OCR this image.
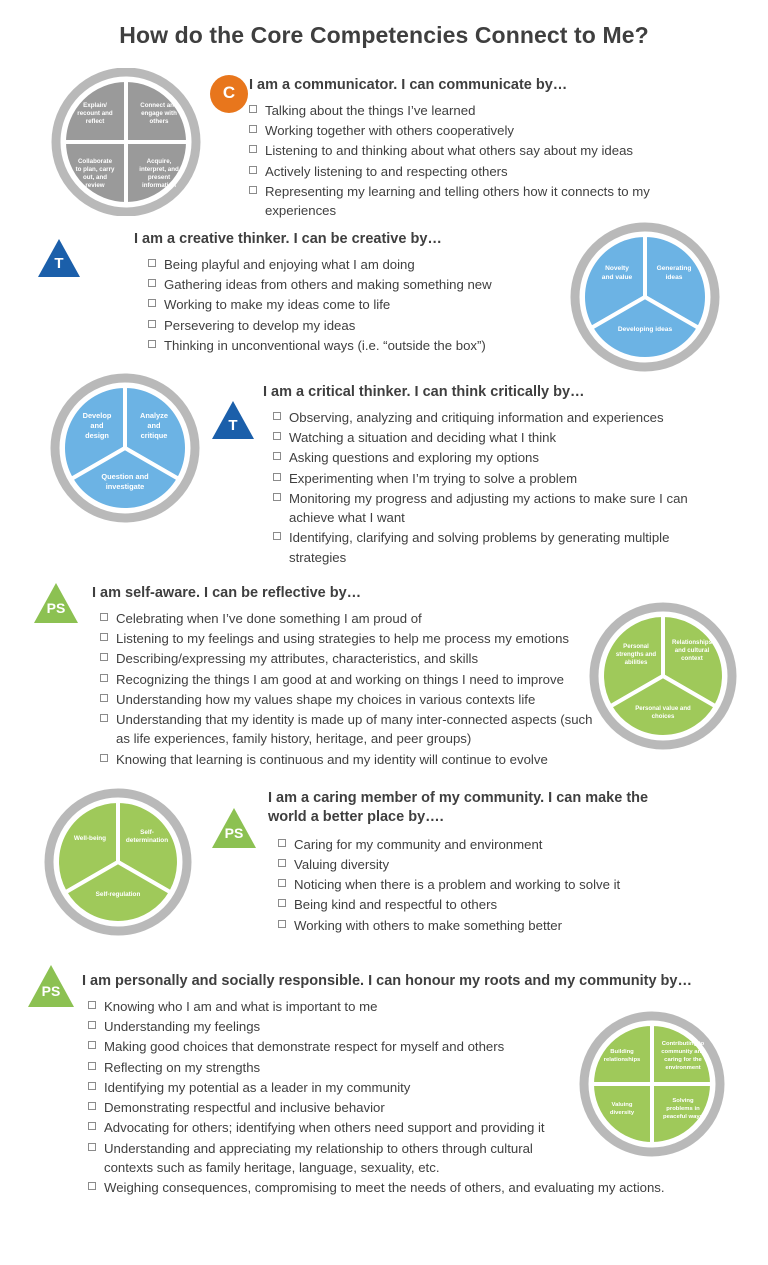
How do the Core Competencies Connect to Me?
Explain/
recount and
reflect
Connect and
engage with
others
Collaborate
to plan, carry
out, and
review
Acquire,
interpret, and
present
information
C I am a communicator. I can communicate by…

Talking about the things I’ve learned
Working together with others cooperatively
Listening to and thinking about what others say about my ideas
Actively listening to and respecting others
Representing my learning and telling others how it connects to my experiences
T

I am a creative thinker. I can be creative by…

Being playful and enjoying what I am doing
Gathering ideas from others and making something new
Working to make my ideas come to life
Persevering to develop my ideas
Thinking in unconventional ways (i.e. “outside the box”)
Novelty
and value
Generating
ideas
Developing ideas
Develop
and
design
Analyze
and
critique
Question and
investigate
T

I am a critical thinker. I can think critically by…

Observing, analyzing and critiquing information and experiences
Watching a situation and deciding what I think
Asking questions and exploring my options
Experimenting when I’m trying to solve a problem
Monitoring my progress and adjusting my actions to make sure I can achieve what I want
Identifying, clarifying and solving problems by generating multiple strategies
PS

I am self-aware. I can be reflective by…

Celebrating when I’ve done something I am proud of
Listening to my feelings and using strategies to help me process my emotions
Describing/expressing my attributes, characteristics, and skills
Recognizing the things I am good at and working on things I need to improve
Understanding how my values shape my choices in various contexts life
Understanding that my identity is made up of many inter-connected aspects (such as life experiences, family history, heritage, and peer groups)
Knowing that learning is continuous and my identity will continue to evolve
Personal
strengths and
abilities
Relationships
and cultural
context
Personal value and
choices
Well-being
Self-
determination
Self-regulation
PS

I am a caring member of my community. I can make the world a better place by….

Caring for my community and environment
Valuing diversity
Noticing when there is a problem and working to solve it
Being kind and respectful to others
Working with others to make something better
PS

I am personally and socially responsible. I can honour my roots and my community by…

Knowing who I am and what is important to me
Understanding my feelings
Making good choices that demonstrate respect for myself and others
Reflecting on my strengths
Identifying my potential as a leader in my community
Demonstrating respectful and inclusive behavior
Advocating for others; identifying when others need support and providing it
Understanding and appreciating my relationship to others through cultural contexts such as family heritage, language, sexuality, etc.
Weighing consequences, compromising to meet the needs of others, and evaluating my actions.
Building
relationships
Contributing to
community and
caring for the
environment
Valuing
diversity
Solving
problems in
peaceful ways
